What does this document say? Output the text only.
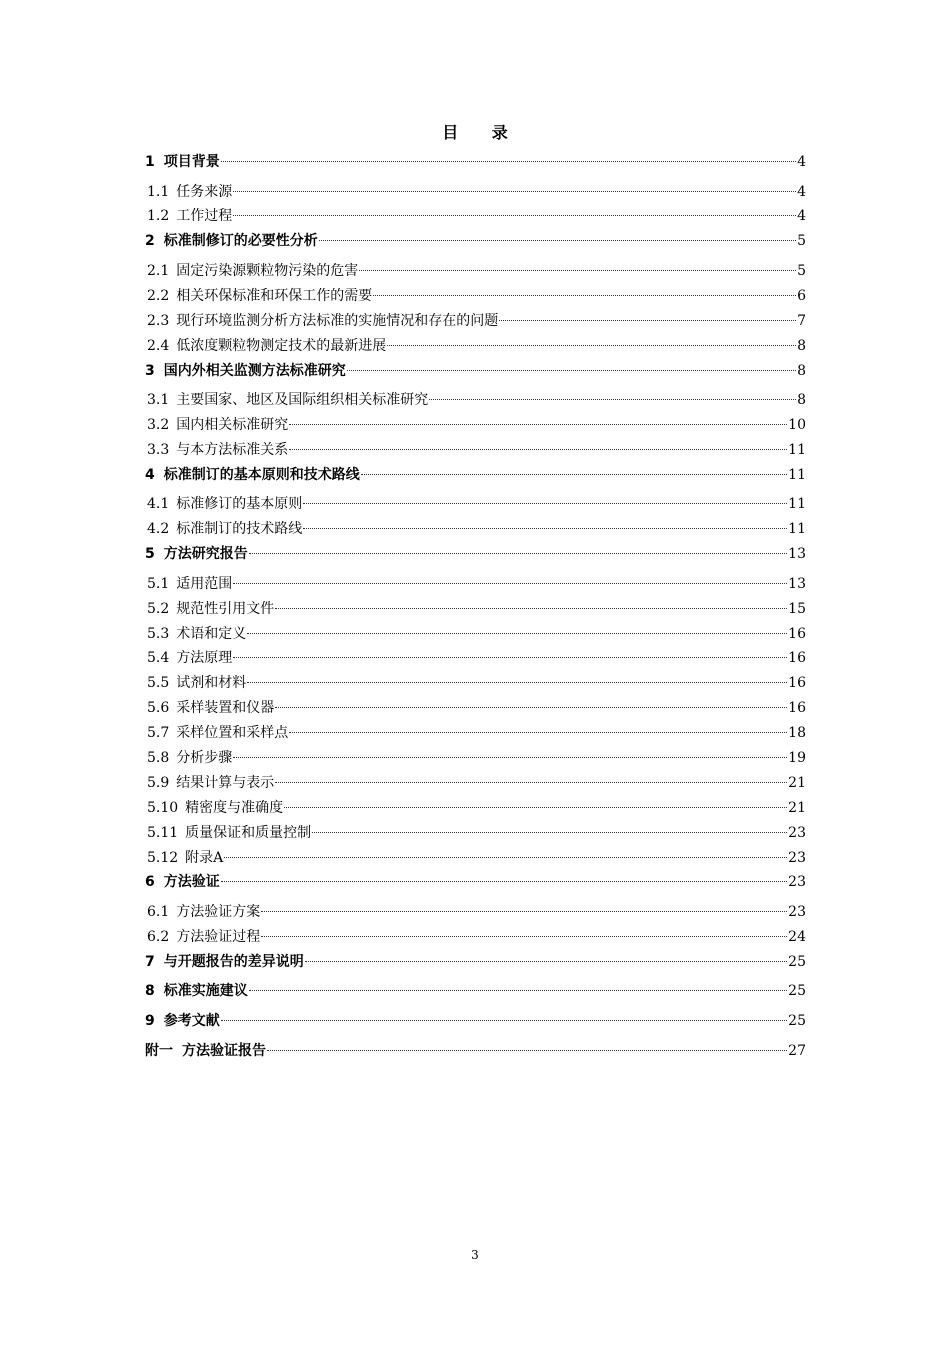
目 录
1 项目背景	4
1.1 任务来源	4
1.2 工作过程	4
2 标准制修订的必要性分析	5
2.1 固定污染源颗粒物污染的危害	5
2.2 相关环保标准和环保工作的需要	6
2.3 现行环境监测分析方法标准的实施情况和存在的问题	7
2.4 低浓度颗粒物测定技术的最新进展	8
3 国内外相关监测方法标准研究	8
3.1 主要国家、地区及国际组织相关标准研究	8
3.2 国内相关标准研究	10
3.3 与本方法标准关系	11
4 标准制订的基本原则和技术路线	11
4.1 标准修订的基本原则	11
4.2 标准制订的技术路线	11
5 方法研究报告	13
5.1 适用范围	13
5.2 规范性引用文件	15
5.3 术语和定义	16
5.4 方法原理	16
5.5 试剂和材料	16
5.6 采样装置和仪器	16
5.7 采样位置和采样点	18
5.8 分析步骤	19
5.9 结果计算与表示	21
5.10 精密度与准确度	21
5.11 质量保证和质量控制	23
5.12 附录A	23
6 方法验证	23
6.1 方法验证方案	23
6.2 方法验证过程	24
7 与开题报告的差异说明	25
8 标准实施建议	25
9 参考文献	25
附一 方法验证报告	27
3
